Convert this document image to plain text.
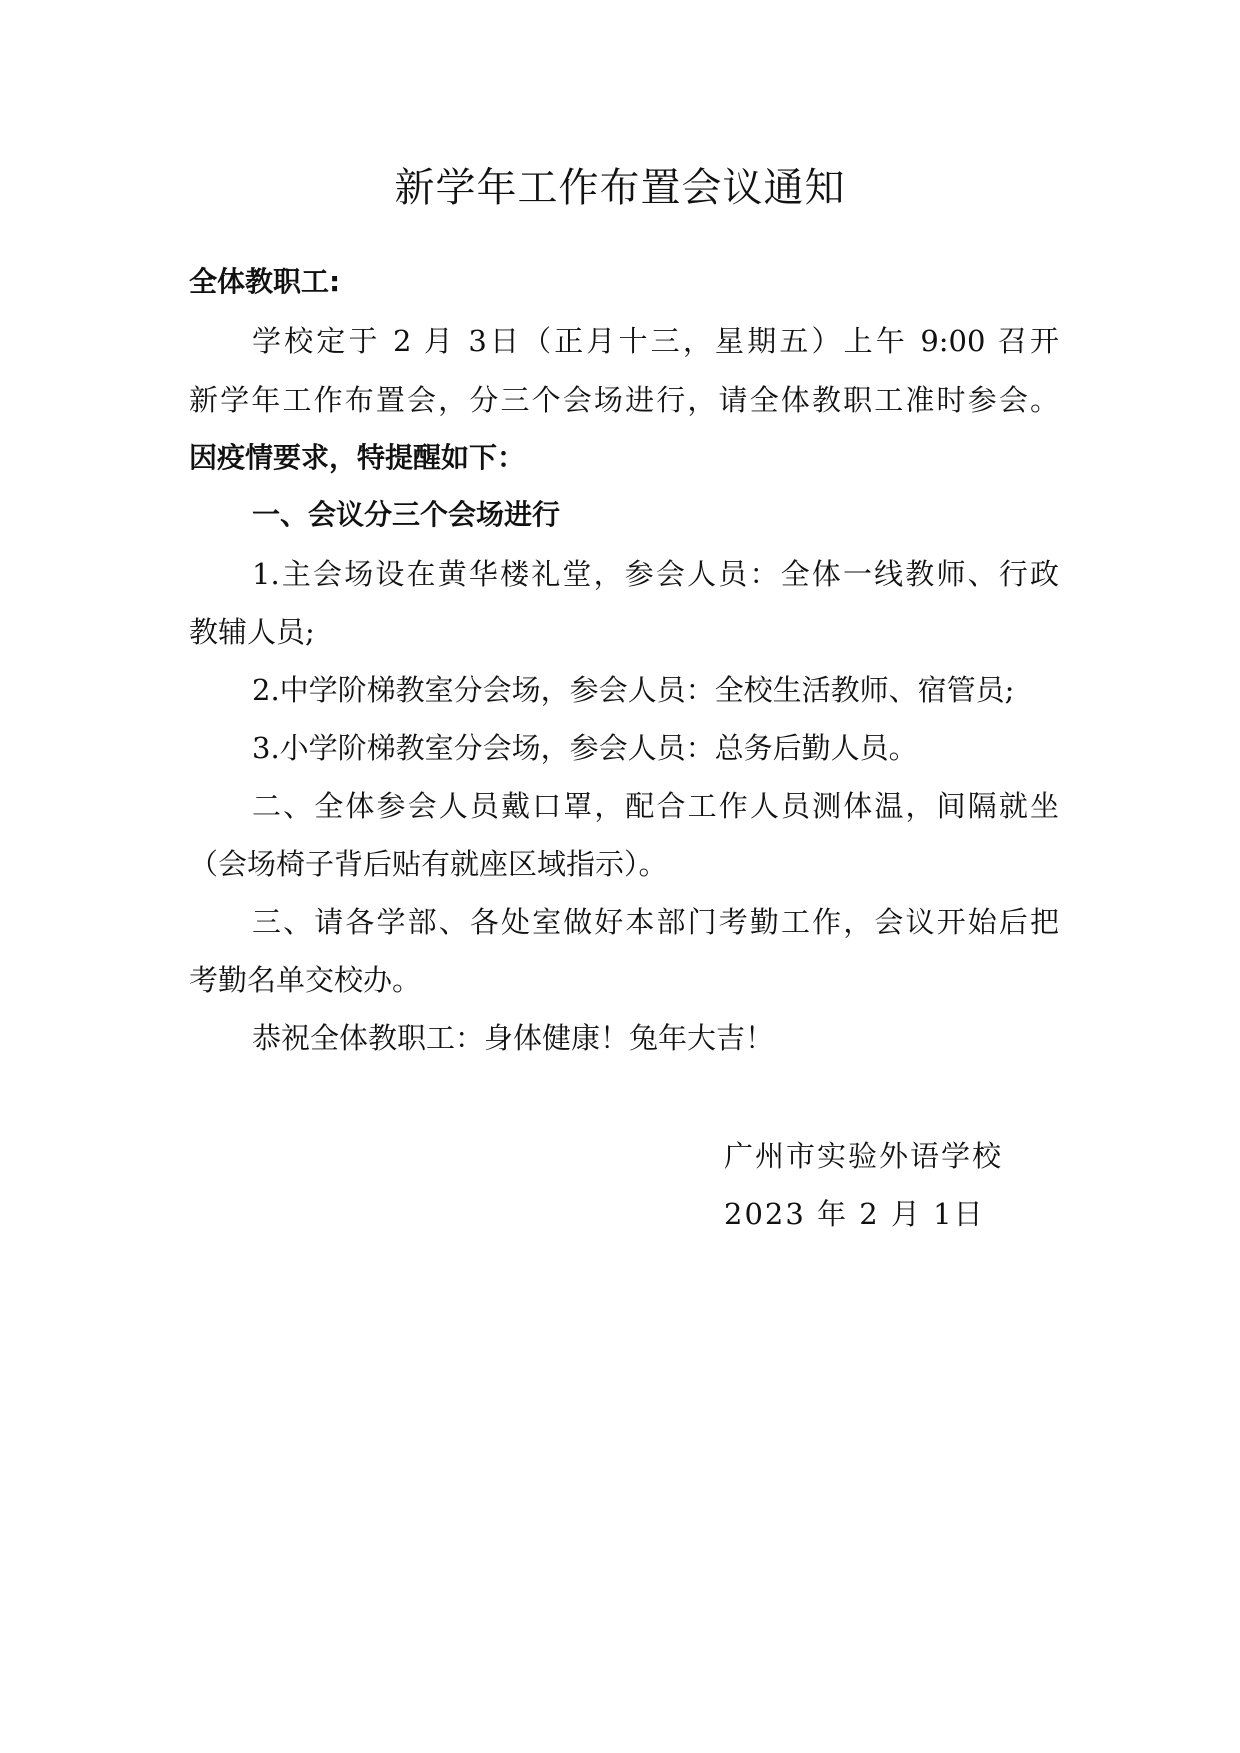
新学年工作布置会议通知
全体教职工:
学校定于 2 月 3日（正月十三，星期五）上午 9:00 召开
新学年工作布置会，分三个会场进行，请全体教职工准时参会。
因疫情要求，特提醒如下：
一、会议分三个会场进行
1.主会场设在黄华楼礼堂，参会人员：全体一线教师、行政
教辅人员;
2.中学阶梯教室分会场，参会人员：全校生活教师、宿管员;
3.小学阶梯教室分会场，参会人员：总务后勤人员。
二、全体参会人员戴口罩，配合工作人员测体温，间隔就坐
（会场椅子背后贴有就座区域指示）。
三、请各学部、各处室做好本部门考勤工作，会议开始后把
考勤名单交校办。
恭祝全体教职工：身体健康！兔年大吉！
广州市实验外语学校
2023 年 2 月 1日
